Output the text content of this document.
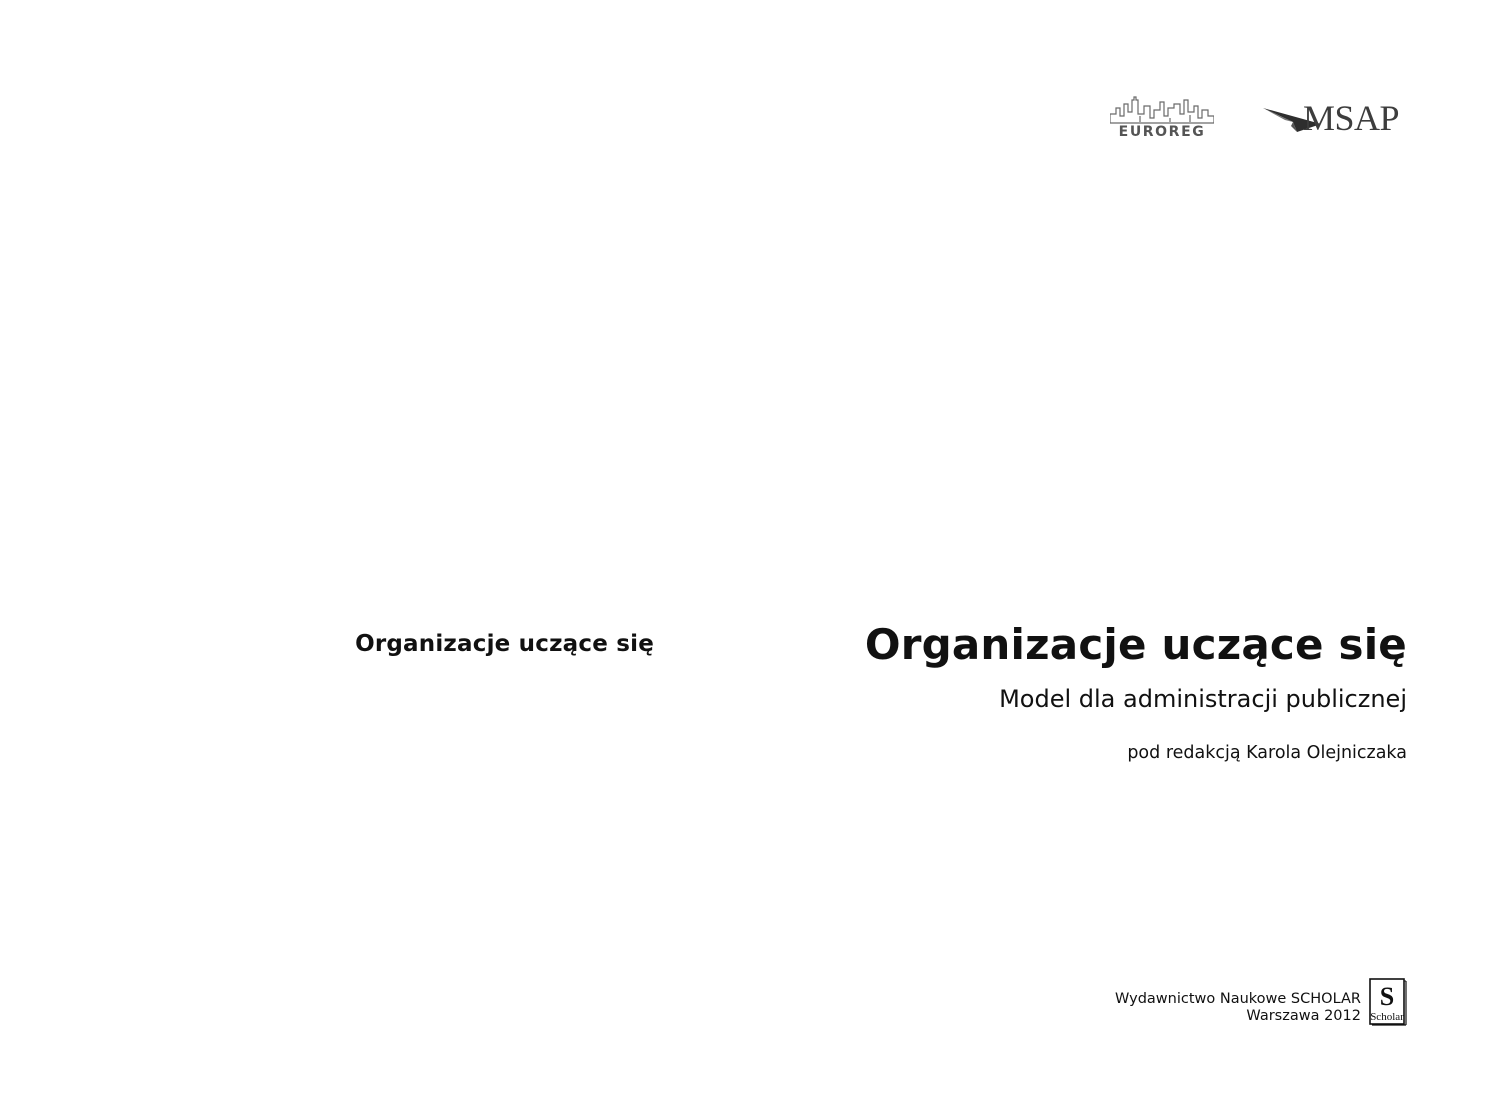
Organizacje uczące się
EUROREG	MSAP
Organizacje uczące się

Model dla administracji publicznej

pod redakcją Karola Olejniczaka

Wydawnictwo Naukowe SCHOLAR
Warszawa 2012
S
Scholar
